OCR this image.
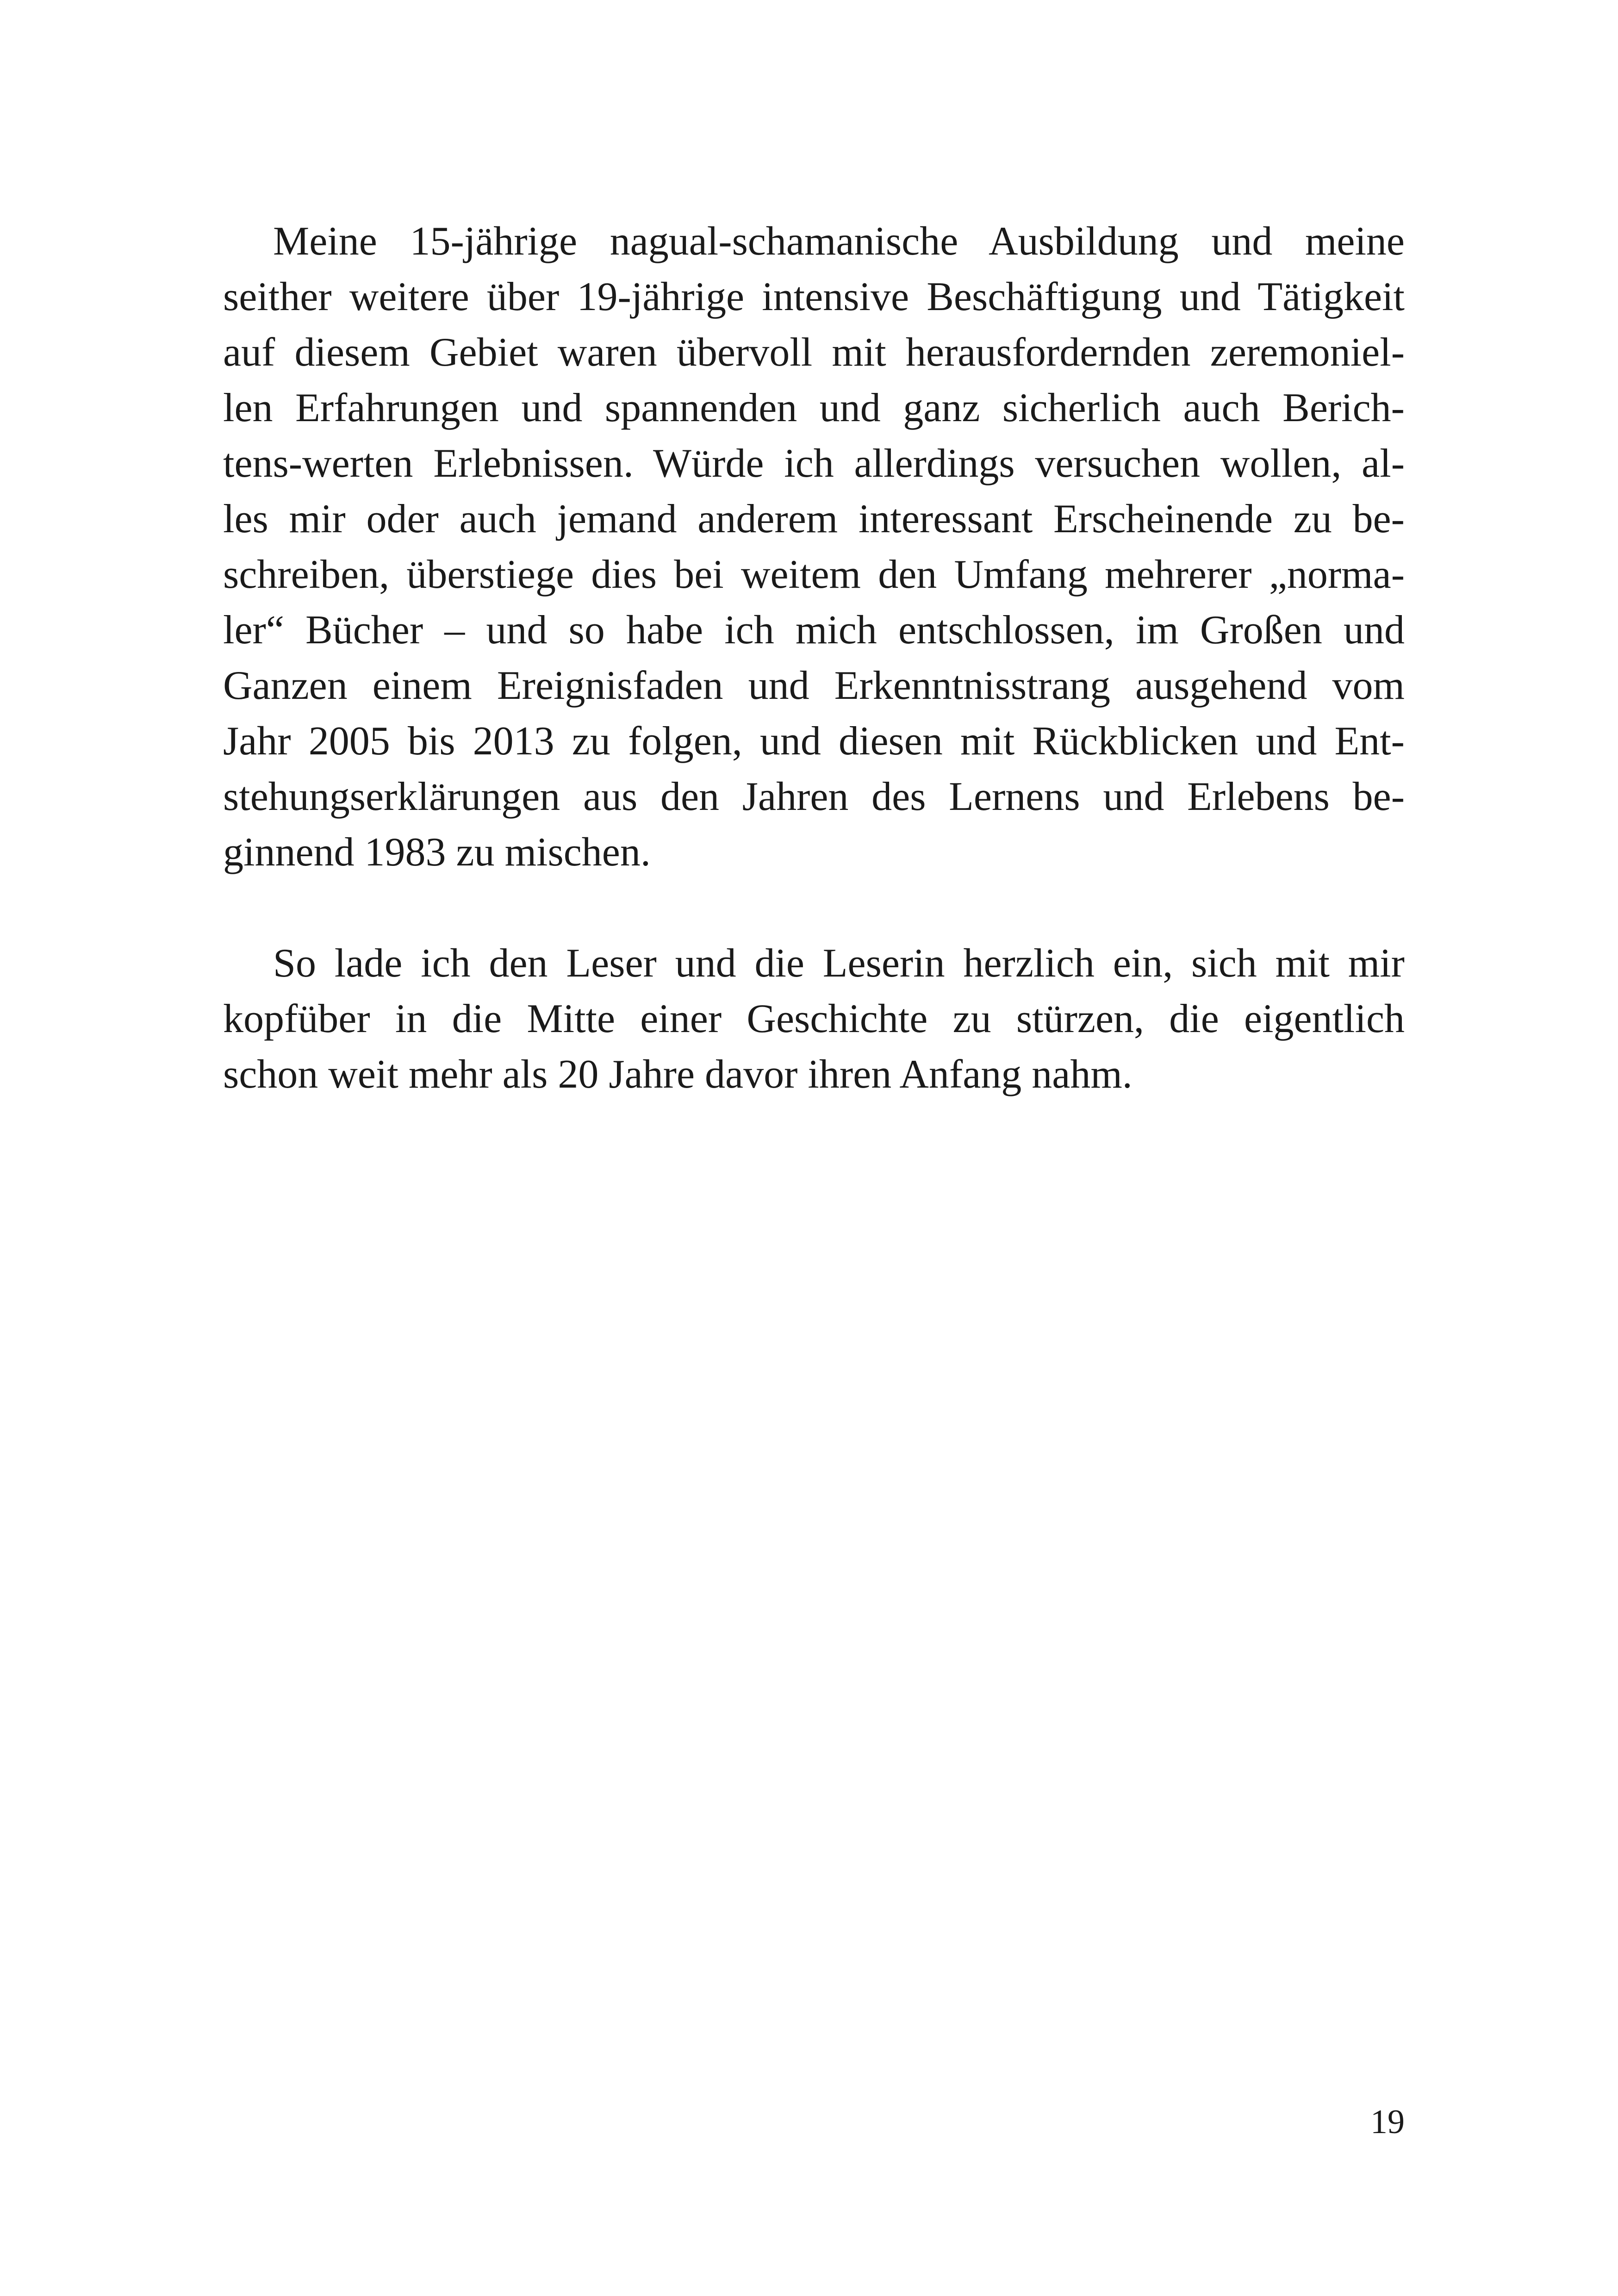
Meine 15-jährige nagual-schamanische Ausbildung und meine
seither weitere über 19-jährige intensive Beschäftigung und Tätigkeit
auf diesem Gebiet waren übervoll mit herausfordernden zeremoniel-
len Erfahrungen und spannenden und ganz sicherlich auch Berich-
tens-werten Erlebnissen. Würde ich allerdings versuchen wollen, al-
les mir oder auch jemand anderem interessant Erscheinende zu be-
schreiben, überstiege dies bei weitem den Umfang mehrerer „norma-
ler“ Bücher – und so habe ich mich entschlossen, im Großen und
Ganzen einem Ereignisfaden und Erkenntnisstrang ausgehend vom
Jahr 2005 bis 2013 zu folgen, und diesen mit Rückblicken und Ent-
stehungserklärungen aus den Jahren des Lernens und Erlebens be-
ginnend 1983 zu mischen.

So lade ich den Leser und die Leserin herzlich ein, sich mit mir
kopfüber in die Mitte einer Geschichte zu stürzen, die eigentlich
schon weit mehr als 20 Jahre davor ihren Anfang nahm.

19
